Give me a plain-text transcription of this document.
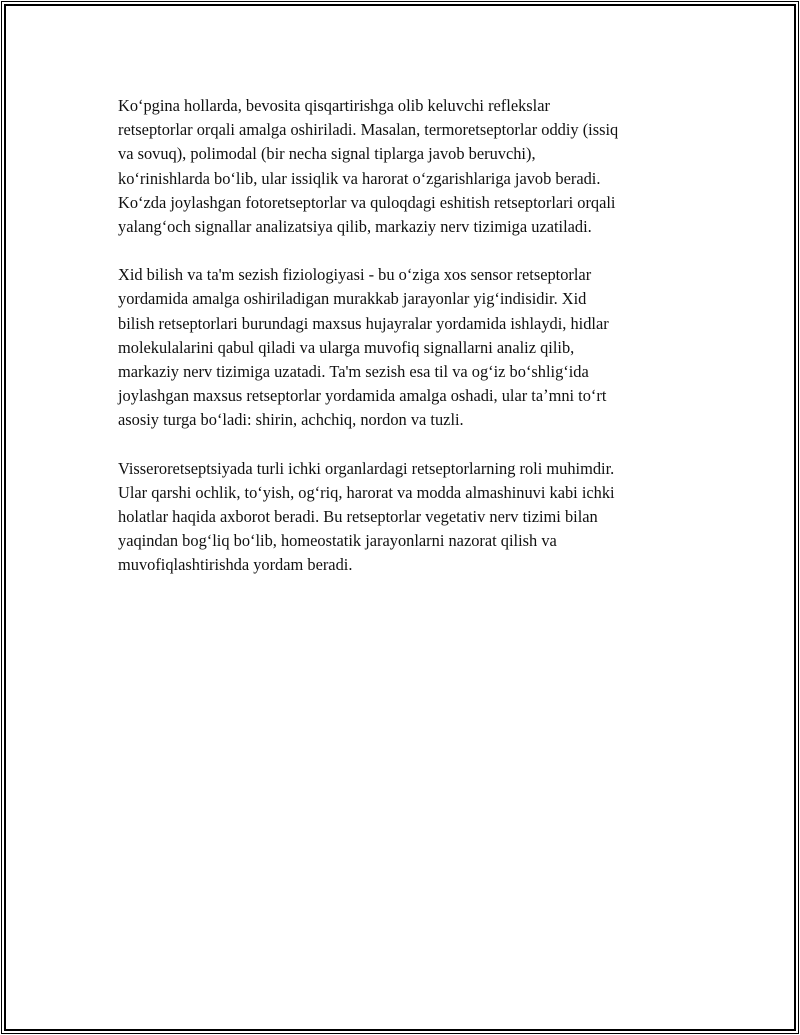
Koʻpgina hollarda, bevosita qisqartirishga olib keluvchi reflekslar
retseptorlar orqali amalga oshiriladi. Masalan, termoretseptorlar oddiy (issiq
va sovuq), polimodal (bir necha signal tiplarga javob beruvchi),
koʻrinishlarda boʻlib, ular issiqlik va harorat oʻzgarishlariga javob beradi.
Koʻzda joylashgan fotoretseptorlar va quloqdagi eshitish retseptorlari orqali
yalangʻoch signallar analizatsiya qilib, markaziy nerv tizimiga uzatiladi.

Xid bilish va ta'm sezish fiziologiyasi - bu oʻziga xos sensor retseptorlar
yordamida amalga oshiriladigan murakkab jarayonlar yigʻindisidir. Xid
bilish retseptorlari burundagi maxsus hujayralar yordamida ishlaydi, hidlar
molekulalarini qabul qiladi va ularga muvofiq signallarni analiz qilib,
markaziy nerv tizimiga uzatadi. Ta'm sezish esa til va ogʻiz boʻshligʻida
joylashgan maxsus retseptorlar yordamida amalga oshadi, ular taʼmni toʻrt
asosiy turga boʻladi: shirin, achchiq, nordon va tuzli.

Visseroretseptsiyada turli ichki organlardagi retseptorlarning roli muhimdir.
Ular qarshi ochlik, toʻyish, ogʻriq, harorat va modda almashinuvi kabi ichki
holatlar haqida axborot beradi. Bu retseptorlar vegetativ nerv tizimi bilan
yaqindan bogʻliq boʻlib, homeostatik jarayonlarni nazorat qilish va
muvofiqlashtirishda yordam beradi.
